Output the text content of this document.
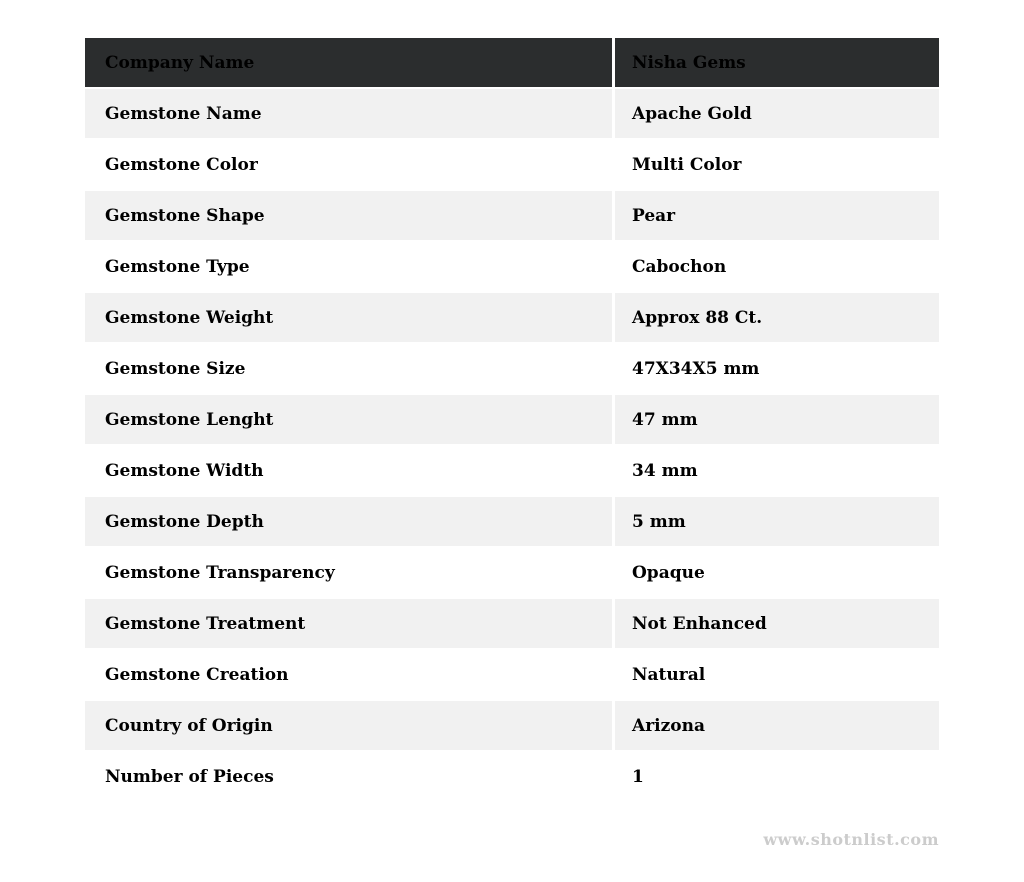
Company Name	Nisha Gems
Gemstone Name	Apache Gold
Gemstone Color	Multi Color
Gemstone Shape	Pear
Gemstone Type	Cabochon
Gemstone Weight	Approx 88 Ct.
Gemstone Size	47X34X5 mm
Gemstone Lenght	47 mm
Gemstone Width	34 mm
Gemstone Depth	5 mm
Gemstone Transparency	Opaque
Gemstone Treatment	Not Enhanced
Gemstone Creation	Natural
Country of Origin	Arizona
Number of Pieces	1
www.shotnlist.com
